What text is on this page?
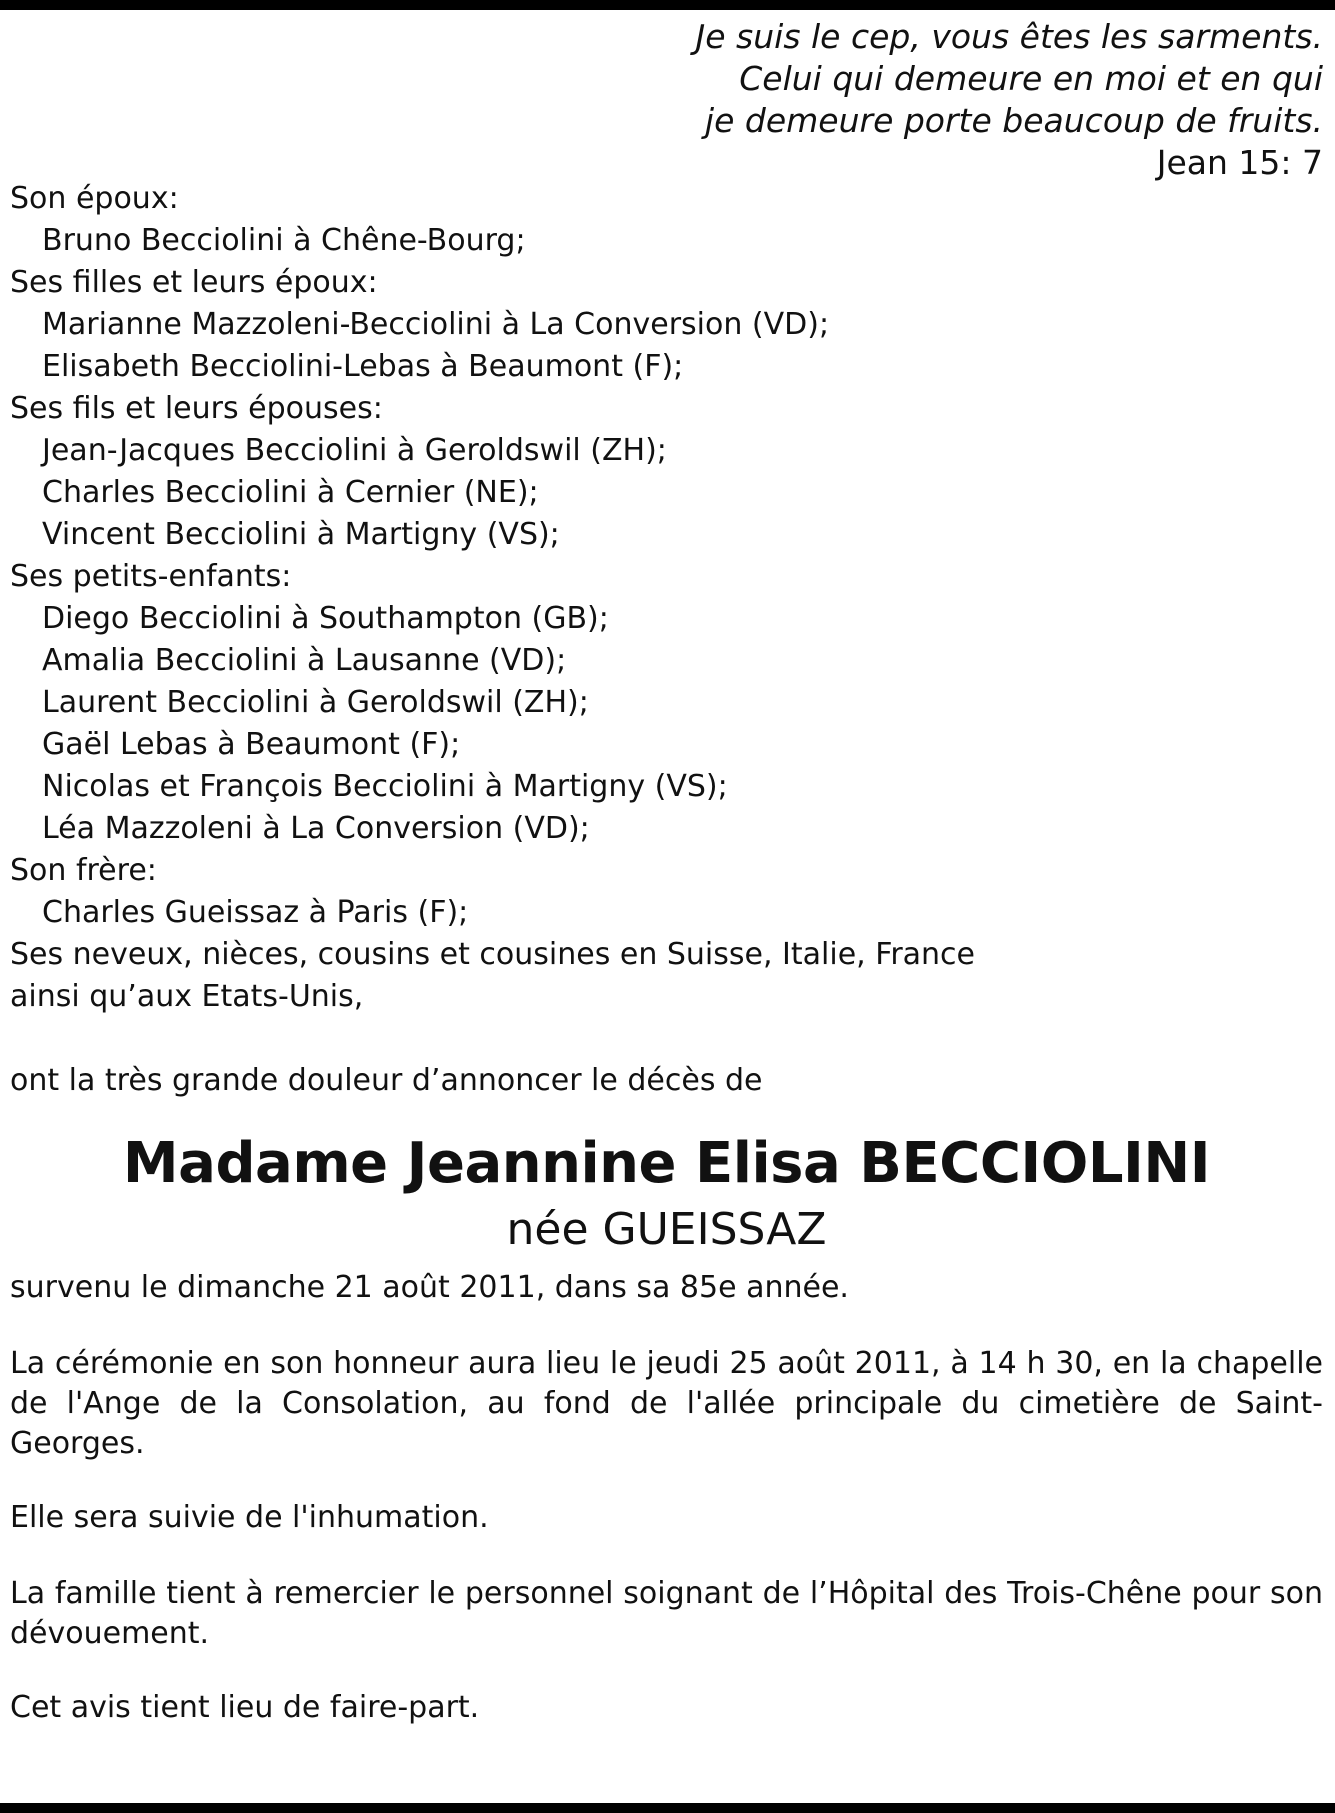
Je suis le cep, vous êtes les sarments.
Celui qui demeure en moi et en qui
je demeure porte beaucoup de fruits.
Jean 15: 7
Son époux:
Bruno Becciolini à Chêne-Bourg;
Ses filles et leurs époux:
Marianne Mazzoleni-Becciolini à La Conversion (VD);
Elisabeth Becciolini-Lebas à Beaumont (F);
Ses fils et leurs épouses:
Jean-Jacques Becciolini à Geroldswil (ZH);
Charles Becciolini à Cernier (NE);
Vincent Becciolini à Martigny (VS);
Ses petits-enfants:
Diego Becciolini à Southampton (GB);
Amalia Becciolini à Lausanne (VD);
Laurent Becciolini à Geroldswil (ZH);
Gaël Lebas à Beaumont (F);
Nicolas et François Becciolini à Martigny (VS);
Léa Mazzoleni à La Conversion (VD);
Son frère:
Charles Gueissaz à Paris (F);
Ses neveux, nièces, cousins et cousines en Suisse, Italie, France
ainsi qu’aux Etats-Unis,
ont la très grande douleur d’annoncer le décès de
Madame Jeannine Elisa BECCIOLINI
née GUEISSAZ
survenu le dimanche 21 août 2011, dans sa 85e année.
La cérémonie en son honneur aura lieu le jeudi 25 août 2011, à 14 h 30, en la chapelle de l'Ange de la Consolation, au fond de l'allée principale du cimetière de Saint-Georges.
Elle sera suivie de l'inhumation.
La famille tient à remercier le personnel soignant de l’Hôpital des Trois-Chêne pour son dévouement.
Cet avis tient lieu de faire-part.
